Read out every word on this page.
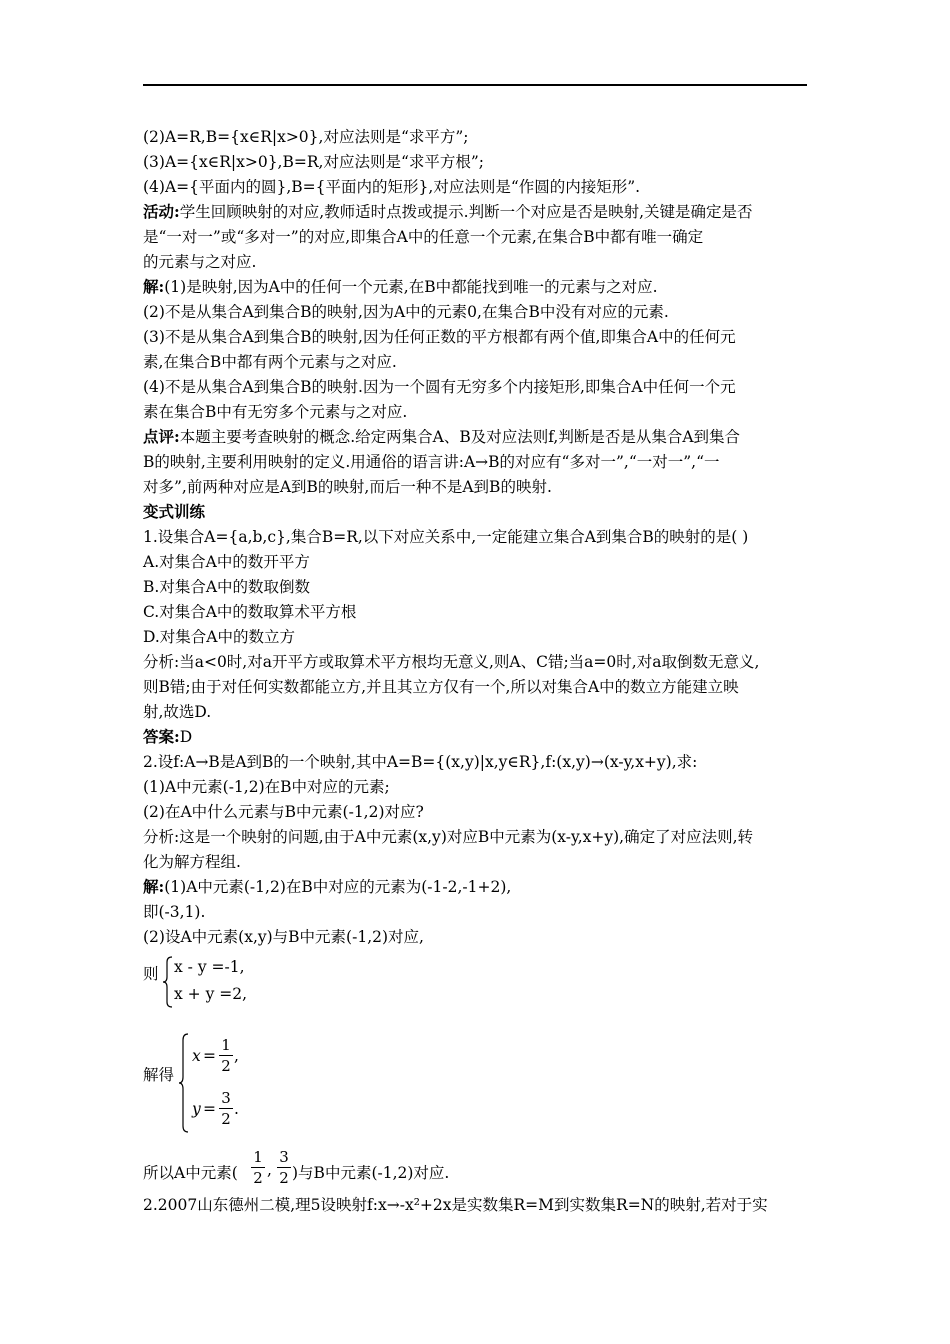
(2)A=R,B={x∈R|x>0},对应法则是“求平方”;
(3)A={x∈R|x>0},B=R,对应法则是“求平方根”;
(4)A={平面内的圆},B={平面内的矩形},对应法则是“作圆的内接矩形”.
活动:学生回顾映射的对应,教师适时点拨或提示.判断一个对应是否是映射,关键是确定是否
是“一对一”或“多对一”的对应,即集合A中的任意一个元素,在集合B中都有唯一确定
的元素与之对应.
解:(1)是映射,因为A中的任何一个元素,在B中都能找到唯一的元素与之对应.
(2)不是从集合A到集合B的映射,因为A中的元素0,在集合B中没有对应的元素.
(3)不是从集合A到集合B的映射,因为任何正数的平方根都有两个值,即集合A中的任何元
素,在集合B中都有两个元素与之对应.
(4)不是从集合A到集合B的映射.因为一个圆有无穷多个内接矩形,即集合A中任何一个元
素在集合B中有无穷多个元素与之对应.
点评:本题主要考查映射的概念.给定两集合A、B及对应法则f,判断是否是从集合A到集合
B的映射,主要利用映射的定义.用通俗的语言讲:A→B的对应有“多对一”,“一对一”,“一
对多”,前两种对应是A到B的映射,而后一种不是A到B的映射.
变式训练
1.设集合A={a,b,c},集合B=R,以下对应关系中,一定能建立集合A到集合B的映射的是( )
A.对集合A中的数开平方
B.对集合A中的数取倒数
C.对集合A中的数取算术平方根
D.对集合A中的数立方
分析:当a<0时,对a开平方或取算术平方根均无意义,则A、C错;当a=0时,对a取倒数无意义,
则B错;由于对任何实数都能立方,并且其立方仅有一个,所以对集合A中的数立方能建立映
射,故选D.
答案:D
2.设f:A→B是A到B的一个映射,其中A=B={(x,y)|x,y∈R},f:(x,y)→(x-y,x+y),求:
(1)A中元素(-1,2)在B中对应的元素;
(2)在A中什么元素与B中元素(-1,2)对应?
分析:这是一个映射的问题,由于A中元素(x,y)对应B中元素为(x-y,x+y),确定了对应法则,转
化为解方程组.
解:(1)A中元素(-1,2)在B中对应的元素为(-1-2,-1+2),
即(-3,1).
(2)设A中元素(x,y)与B中元素(-1,2)对应,
则 x - y =-1,
x + y =2,
解得
x =
1
2
,
y =
3
2
.
所以A中元素(
1
2 ,
3
2 )与B中元素(-1,2)对应.
2.2007山东德州二模,理5设映射f:x→-x²+2x是实数集R=M到实数集R=N的映射,若对于实
